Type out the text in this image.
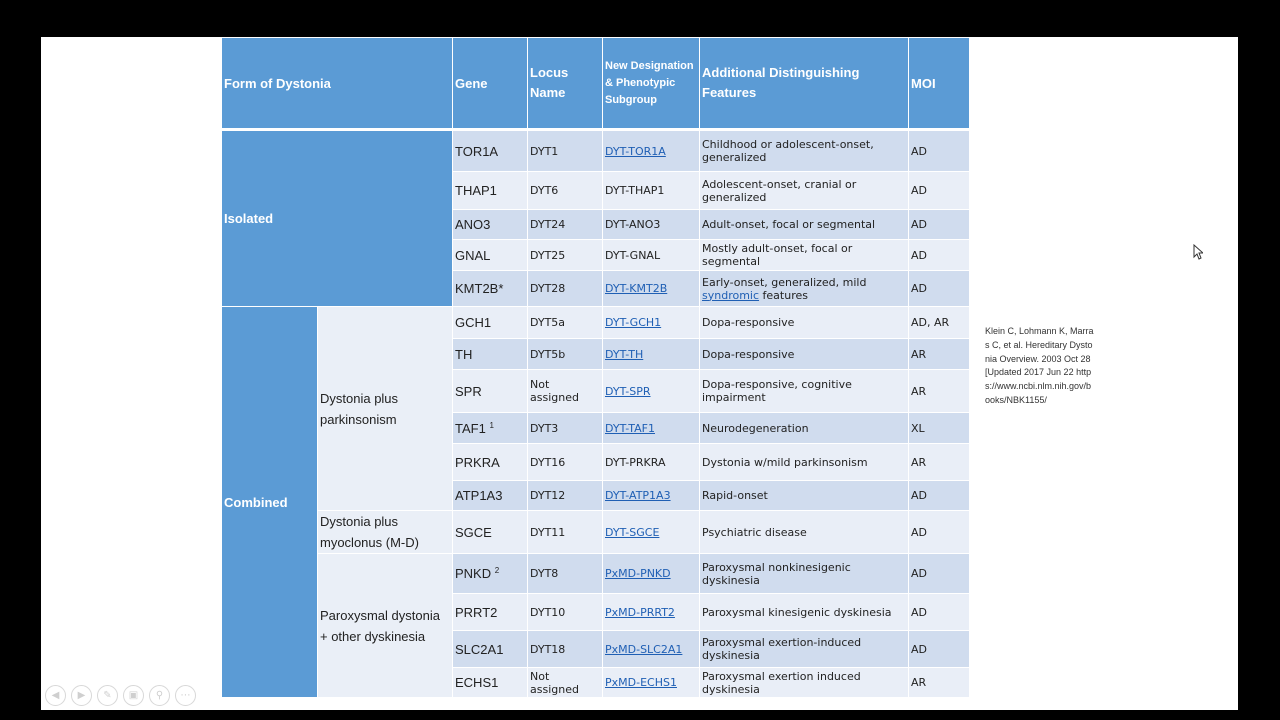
Form of Dystonia		Gene	Locus Name	New Designation & Phenotypic Subgroup	Additional Distinguishing Features	MOI
Isolated		TOR1A	DYT1	DYT-TOR1A	Childhood or adolescent-onset, generalized	AD
		THAP1	DYT6	DYT-THAP1	Adolescent-onset, cranial or generalized	AD
		ANO3	DYT24	DYT-ANO3	Adult-onset, focal or segmental	AD
		GNAL	DYT25	DYT-GNAL	Mostly adult-onset, focal or segmental	AD
		KMT2B*	DYT28	DYT-KMT2B	Early-onset, generalized, mild syndromic features	AD
Combined	Dystonia plus parkinsonism	GCH1	DYT5a	DYT-GCH1	Dopa-responsive	AD, AR
		TH	DYT5b	DYT-TH	Dopa-responsive	AR
		SPR	Not assigned	DYT-SPR	Dopa-responsive, cognitive impairment	AR
		TAF1 $^1$	DYT3	DYT-TAF1	Neurodegeneration	XL
		PRKRA	DYT16	DYT-PRKRA	Dystonia w/mild parkinsonism	AR
		ATP1A3	DYT12	DYT-ATP1A3	Rapid-onset	AD
	Dystonia plus myoclonus (M-D)	SGCE	DYT11	DYT-SGCE	Psychiatric disease	AD
	Paroxysmal dystonia + other dyskinesia	PNKD $^2$	DYT8	PxMD-PNKD	Paroxysmal nonkinesigenic dyskinesia	AD
		PRRT2	DYT10	PxMD-PRRT2	Paroxysmal kinesigenic dyskinesia	AD
		SLC2A1	DYT18	PxMD-SLC2A1	Paroxysmal exertion-induced dyskinesia	AD
		ECHS1	Not assigned	PxMD-ECHS1	Paroxysmal exertion induced dyskinesia	AR
Klein C, Lohmann K, Marras C, et al. Hereditary Dystonia Overview. 2003 Oct 28 [Updated 2017 Jun 22 https://www.ncbi.nlm.nih.gov/books/NBK1155/
◀	▶	✎	▣	⚲	⋯
